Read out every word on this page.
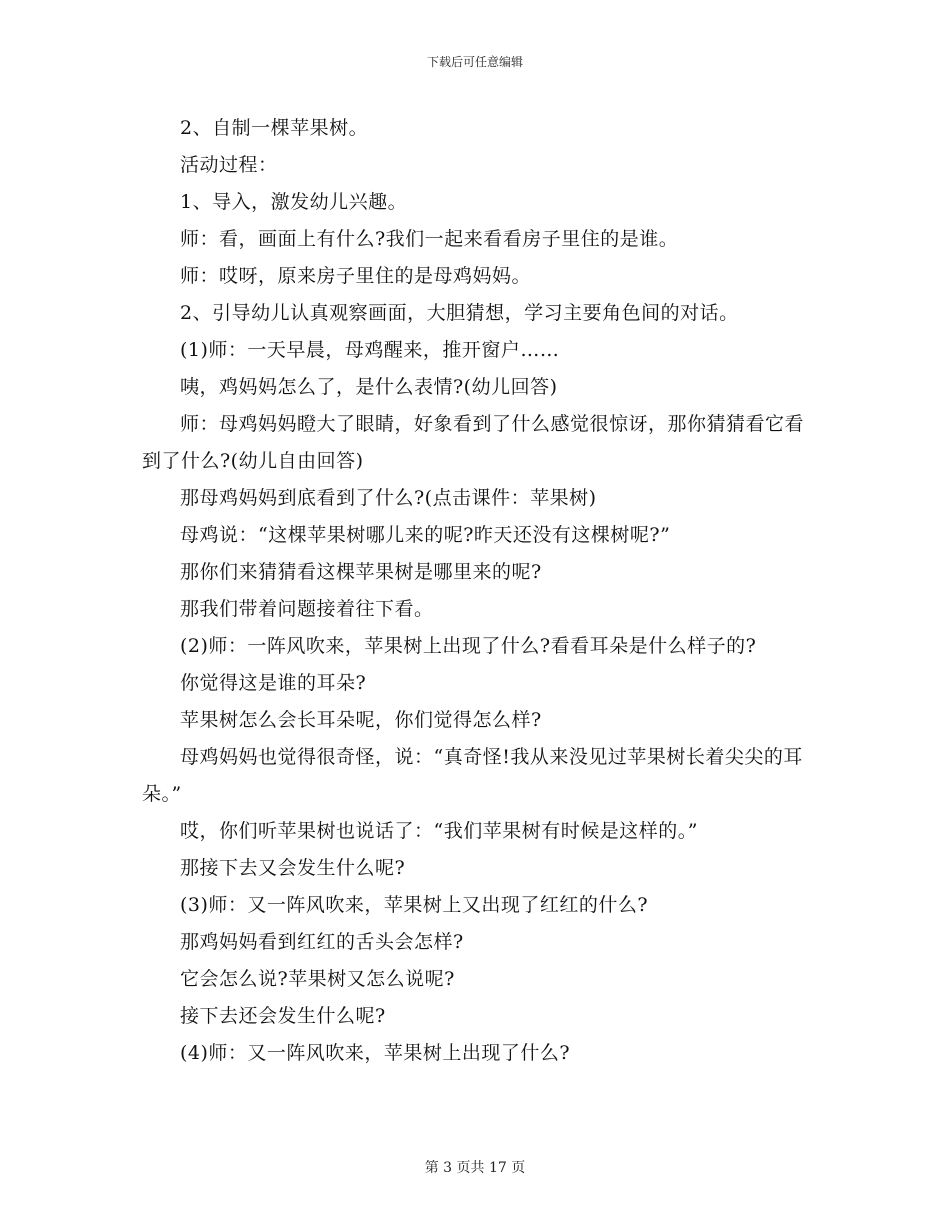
下载后可任意编辑

2、自制一棵苹果树。

活动过程：

1、导入，激发幼儿兴趣。

师：看，画面上有什么?我们一起来看看房子里住的是谁。

师：哎呀，原来房子里住的是母鸡妈妈。

2、引导幼儿认真观察画面，大胆猜想，学习主要角色间的对话。

(1)师：一天早晨，母鸡醒来，推开窗户……

咦，鸡妈妈怎么了，是什么表情?(幼儿回答)

师：母鸡妈妈瞪大了眼睛，好象看到了什么感觉很惊讶，那你猜猜看它看到了什么?(幼儿自由回答)

那母鸡妈妈到底看到了什么?(点击课件：苹果树)

母鸡说：“这棵苹果树哪儿来的呢?昨天还没有这棵树呢?”

那你们来猜猜看这棵苹果树是哪里来的呢?

那我们带着问题接着往下看。

(2)师：一阵风吹来，苹果树上出现了什么?看看耳朵是什么样子的?

你觉得这是谁的耳朵?

苹果树怎么会长耳朵呢，你们觉得怎么样?

母鸡妈妈也觉得很奇怪，说：“真奇怪!我从来没见过苹果树长着尖尖的耳朵。”

哎，你们听苹果树也说话了：“我们苹果树有时候是这样的。”

那接下去又会发生什么呢?

(3)师：又一阵风吹来，苹果树上又出现了红红的什么?

那鸡妈妈看到红红的舌头会怎样?

它会怎么说?苹果树又怎么说呢?

接下去还会发生什么呢?

(4)师：又一阵风吹来，苹果树上出现了什么?

第 3 页共 17 页
